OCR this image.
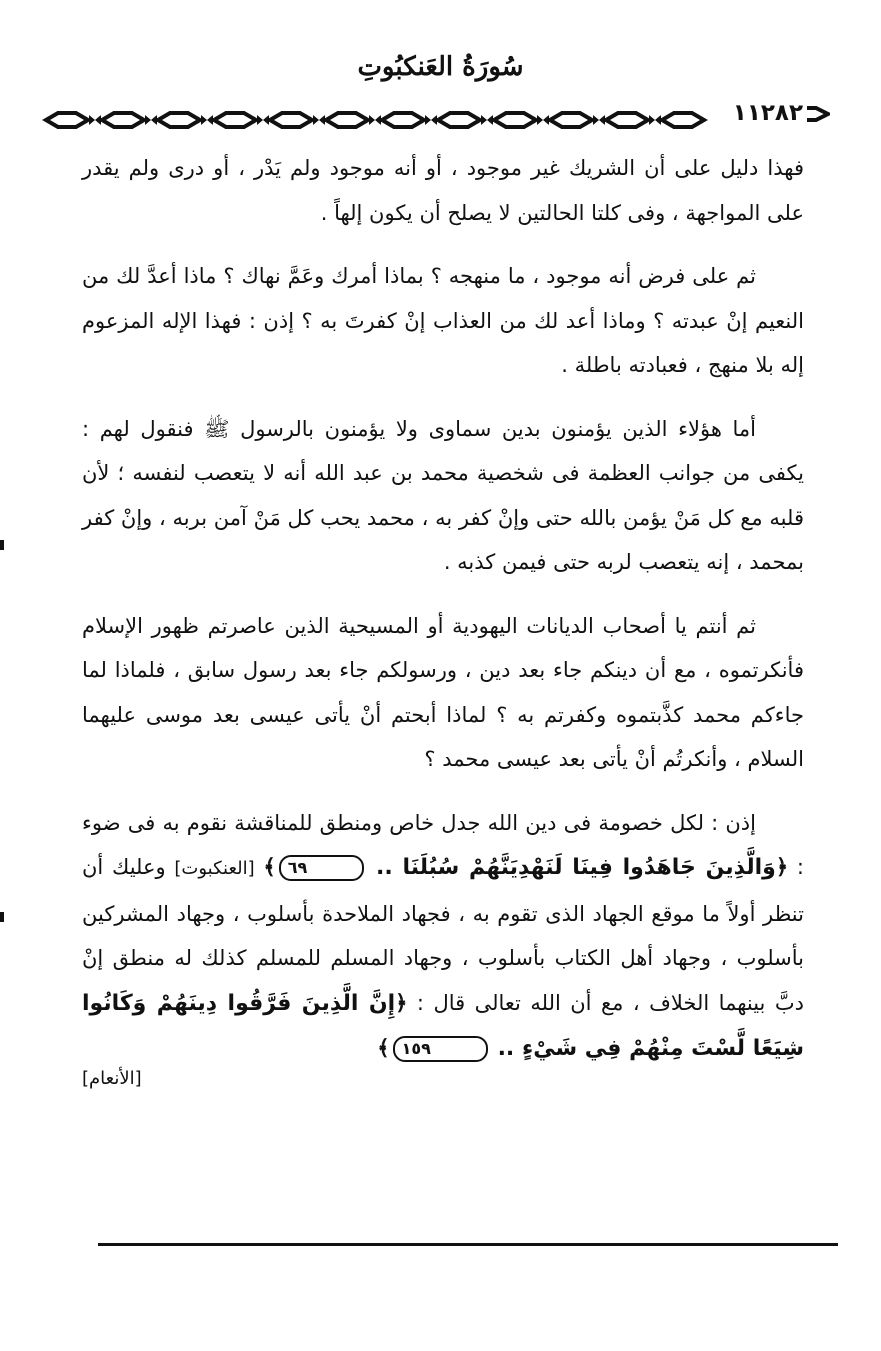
سُورَةُ العَنكبُوتِ
١١٢٨٢

فهذا دليل على أن الشريك غير موجود ، أو أنه موجود ولم يَدْر ، أو درى ولم يقدر على المواجهة ، وفى كلتا الحالتين لا يصلح أن يكون إلهاً .

ثم على فرض أنه موجود ، ما منهجه ؟ بماذا أمرك وعَمَّ نهاك ؟ ماذا أعدَّ لك من النعيم إنْ عبدته ؟ وماذا أعد لك من العذاب إنْ كفرتَ به ؟ إذن : فهذا الإله المزعوم إله بلا منهج ، فعبادته باطلة .

أما هؤلاء الذين يؤمنون بدين سماوى ولا يؤمنون بالرسول ﷺ فنقول لهم : يكفى من جوانب العظمة فى شخصية محمد بن عبد الله أنه لا يتعصب لنفسه ؛ لأن قلبه مع كل مَنْ يؤمن بالله حتى وإنْ كفر به ، محمد يحب كل مَنْ آمن بربه ، وإنْ كفر بمحمد ، إنه يتعصب لربه حتى فيمن كذبه .

ثم أنتم يا أصحاب الديانات اليهودية أو المسيحية الذين عاصرتم ظهور الإسلام فأنكرتموه ، مع أن دينكم جاء بعد دين ، ورسولكم جاء بعد رسول سابق ، فلماذا لما جاءكم محمد كذَّبتموه وكفرتم به ؟ لماذا أبحتم أنْ يأتى عيسى بعد موسى عليهما السلام ، وأنكرتُم أنْ يأتى بعد عيسى محمد ؟

إذن : لكل خصومة فى دين الله جدل خاص ومنطق للمناقشة نقوم به فى ضوء : ﴿وَالَّذِينَ جَاهَدُوا فِينَا لَنَهْدِيَنَّهُمْ سُبُلَنَا .. ٦٩﴾ [العنكبوت] وعليك أن تنظر أولاً ما موقع الجهاد الذى تقوم به ، فجهاد الملاحدة بأسلوب ، وجهاد المشركين بأسلوب ، وجهاد أهل الكتاب بأسلوب ، وجهاد المسلم للمسلم كذلك له منطق إنْ دبَّ بينهما الخلاف ، مع أن الله تعالى قال : ﴿إِنَّ الَّذِينَ فَرَّقُوا دِينَهُمْ وَكَانُوا شِيَعًا لَّسْتَ مِنْهُمْ فِي شَيْءٍ .. ١٥٩﴾
[الأنعام]
